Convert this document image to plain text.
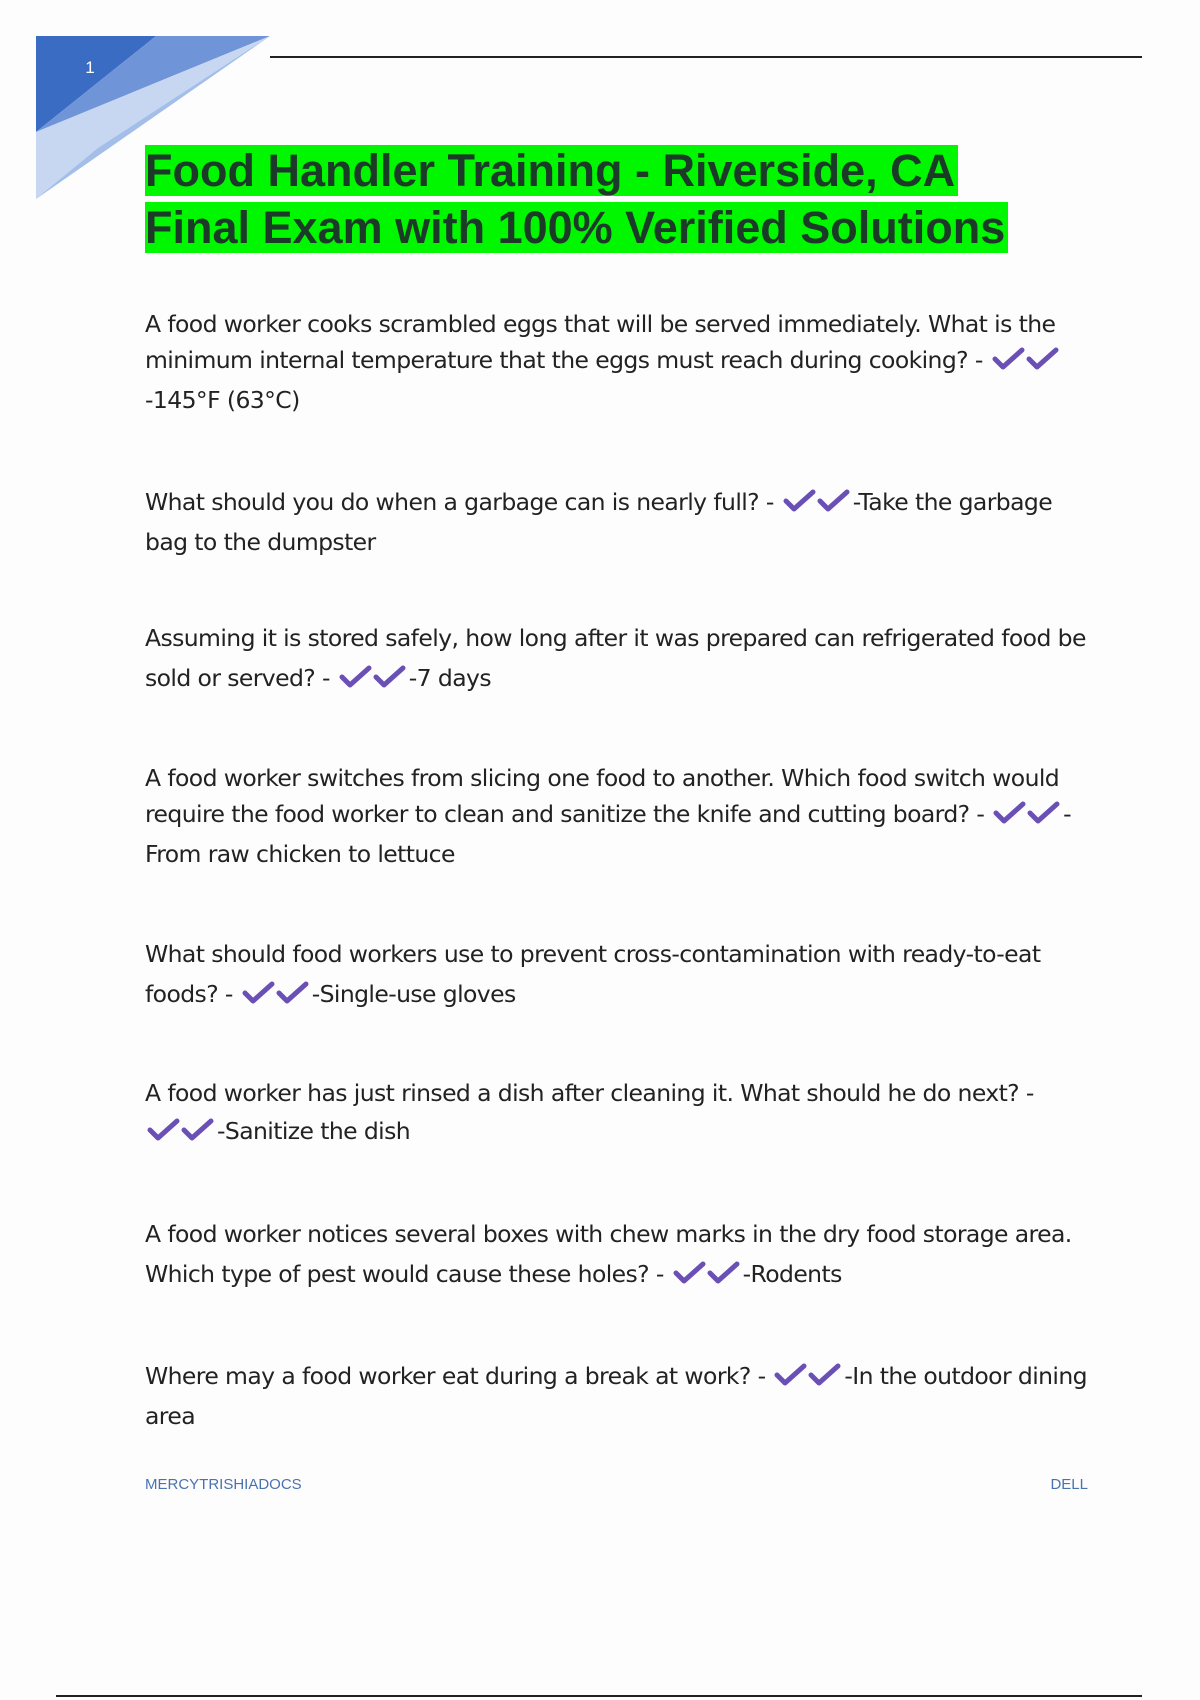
1
Food Handler Training - Riverside, CA
Final Exam with 100% Verified Solutions

A food worker cooks scrambled eggs that will be served immediately. What is the minimum internal temperature that the eggs must reach during cooking? - -145°F (63°C)

What should you do when a garbage can is nearly full? -	-Take the garbage bag to the dumpster

Assuming it is stored safely, how long after it was prepared can refrigerated food be sold or served? -	-7 days

A food worker switches from slicing one food to another. Which food switch would require the food worker to clean and sanitize the knife and cutting board? -	-From raw chicken to lettuce

What should food workers use to prevent cross-contamination with ready-to-eat foods? -	-Single-use gloves

A food worker has just rinsed a dish after cleaning it. What should he do next? - -Sanitize the dish

A food worker notices several boxes with chew marks in the dry food storage area. Which type of pest would cause these holes? -	-Rodents

Where may a food worker eat during a break at work? -	-In the outdoor dining area

MERCYTRISHIADOCS	DELL
